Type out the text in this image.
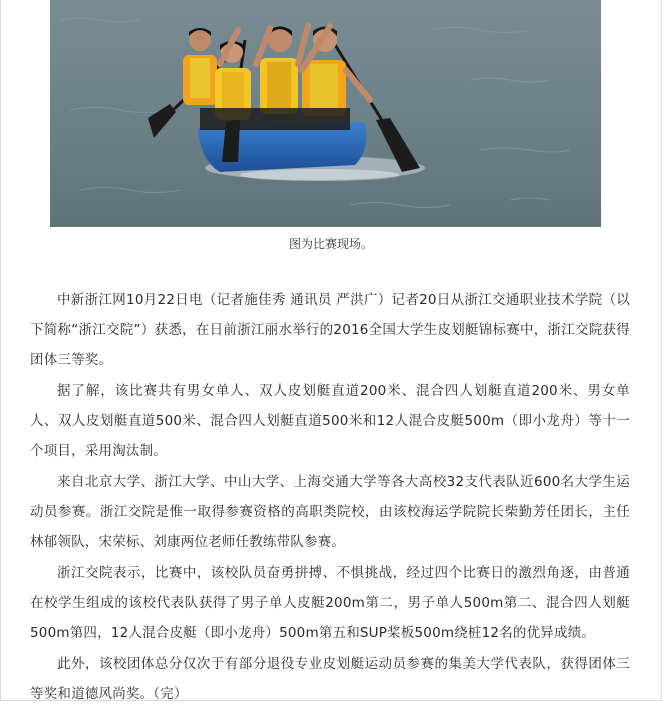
图为比赛现场。

中新浙江网10月22日电（记者施佳秀 通讯员 严洪广）记者20日从浙江交通职业技术学院（以下简称“浙江交院”）获悉，在日前浙江丽水举行的2016全国大学生皮划艇锦标赛中，浙江交院获得团体三等奖。

据了解，该比赛共有男女单人、双人皮划艇直道200米、混合四人划艇直道200米、男女单人、双人皮划艇直道500米、混合四人划艇直道500米和12人混合皮艇500m（即小龙舟）等十一个项目，采用淘汰制。

来自北京大学、浙江大学、中山大学、上海交通大学等各大高校32支代表队近600名大学生运动员参赛。浙江交院是惟一取得参赛资格的高职类院校，由该校海运学院院长柴勤芳任团长，主任林郁领队，宋荣标、刘康两位老师任教练带队参赛。

浙江交院表示，比赛中，该校队员奋勇拼搏、不惧挑战，经过四个比赛日的激烈角逐，由普通在校学生组成的该校代表队获得了男子单人皮艇200m第二，男子单人500m第二、混合四人划艇500m第四，12人混合皮艇（即小龙舟）500m第五和SUP桨板500m绕桩12名的优异成绩。

此外，该校团体总分仅次于有部分退役专业皮划艇运动员参赛的集美大学代表队，获得团体三等奖和道德风尚奖。（完）
